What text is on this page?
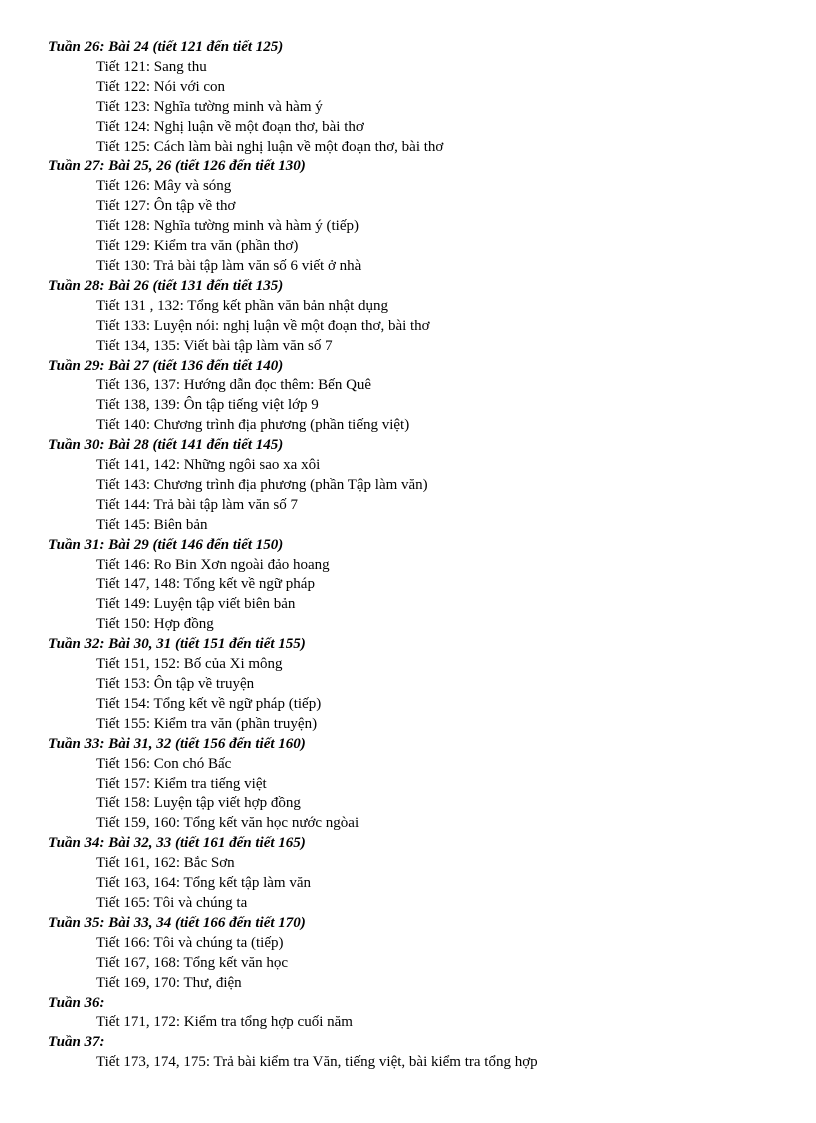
Tuần 26: Bài 24 (tiết 121 đến tiết 125)
Tiết 121: Sang thu
Tiết 122: Nói với con
Tiết 123: Nghĩa tường minh và hàm ý
Tiết 124: Nghị luận về một đoạn thơ, bài thơ
Tiết 125: Cách làm bài nghị luận về một đoạn thơ, bài thơ
Tuần 27: Bài 25, 26 (tiết 126 đến tiết 130)
Tiết 126: Mây và sóng
Tiết 127: Ôn tập về thơ
Tiết 128: Nghĩa tường minh và hàm ý (tiếp)
Tiết 129: Kiểm tra văn (phần thơ)
Tiết 130: Trả bài tập làm văn số 6 viết ở nhà
Tuần 28: Bài 26 (tiết 131 đến tiết 135)
Tiết 131 , 132: Tổng kết phần văn bản nhật dụng
Tiết 133: Luyện nói: nghị luận về một đoạn thơ, bài thơ
Tiết 134, 135: Viết bài tập làm văn số 7
Tuần 29: Bài 27 (tiết 136 đến tiết 140)
Tiết 136, 137: Hướng dẫn đọc thêm: Bến Quê
Tiết 138, 139: Ôn tập tiếng việt lớp 9
Tiết 140: Chương trình địa phương (phần tiếng việt)
Tuần 30: Bài 28 (tiết 141 đến tiết 145)
Tiết 141, 142: Những ngôi sao xa xôi
Tiết 143: Chương trình địa phương (phần Tập làm văn)
Tiết 144: Trả bài tập làm văn số 7
Tiết 145: Biên bản
Tuần 31: Bài 29 (tiết 146 đến tiết 150)
Tiết 146: Ro Bin Xơn ngoài đảo hoang
Tiết 147, 148: Tổng kết về ngữ pháp
Tiết 149: Luyện tập viết biên bản
Tiết 150: Hợp đồng
Tuần 32: Bài 30, 31 (tiết 151 đến tiết 155)
Tiết 151, 152: Bố của Xi mông
Tiết 153: Ôn tập về truyện
Tiết 154: Tổng kết về ngữ pháp (tiếp)
Tiết 155: Kiểm tra văn (phần truyện)
Tuần 33: Bài 31, 32 (tiết 156 đến tiết 160)
Tiết 156: Con chó Bấc
Tiết 157: Kiểm tra tiếng việt
Tiết 158: Luyện tập viết hợp đồng
Tiết 159, 160: Tổng kết văn học nước ngòai
Tuần 34: Bài 32, 33 (tiết 161 đến tiết 165)
Tiết 161, 162: Bắc Sơn
Tiết 163, 164: Tổng kết tập làm văn
Tiết 165: Tôi và chúng ta
Tuần 35: Bài 33, 34 (tiết 166 đến tiết 170)
Tiết 166: Tôi và chúng ta (tiếp)
Tiết 167, 168: Tổng kết văn học
Tiết 169, 170: Thư, điện
Tuần 36:
Tiết 171, 172: Kiểm tra tổng hợp cuối năm
Tuần 37:
Tiết 173, 174, 175: Trả bài kiểm tra Văn, tiếng việt, bài kiểm tra tổng hợp
